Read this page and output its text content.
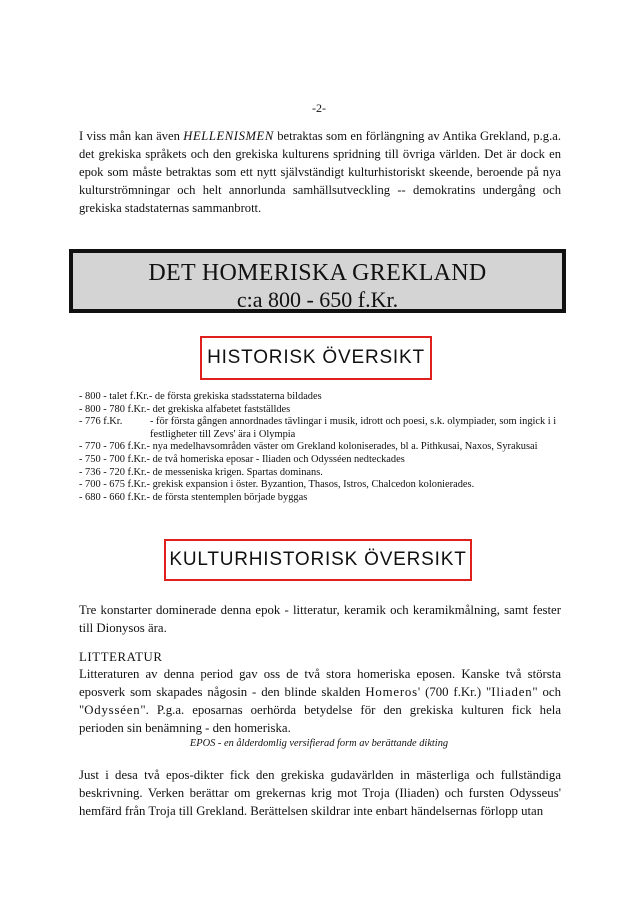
-2-
I viss mån kan även HELLENISMEN betraktas som en förlängning av Antika Grekland, p.g.a. det grekiska språkets och den grekiska kulturens spridning till övriga världen. Det är dock en epok som måste betraktas som ett nytt självständigt kulturhistoriskt skeende, beroende på nya kulturströmningar och helt annorlunda samhällsutveckling -- demokratins undergång och grekiska stadstaternas sammanbrott.
DET HOMERISKA GREKLAND
c:a 800 - 650 f.Kr.
HISTORISK ÖVERSIKT
- 800 - talet f.Kr. - de första grekiska stadsstaterna bildades
- 800 - 780 f.Kr. - det grekiska alfabetet fastställdes
- 776 f.Kr.	- för första gången annordnades tävlingar i musik, idrott och poesi, s.k. olympiader, som ingick i i festligheter till Zevs' ära i Olympia
- 770 - 706 f.Kr. - nya medelhavsområden väster om Grekland koloniserades, bl a. Pithkusai, Naxos, Syrakusai
- 750 - 700 f.Kr. - de två homeriska eposar - Iliaden och Odysséen nedteckades
- 736 - 720 f.Kr. - de messeniska krigen. Spartas dominans.
- 700 - 675 f.Kr. - grekisk expansion i öster. Byzantion, Thasos, Istros, Chalcedon kolonierades.
- 680 - 660 f.Kr. - de första stentemplen började byggas
KULTURHISTORISK ÖVERSIKT

Tre konstarter dominerade denna epok - litteratur, keramik och keramikmålning, samt fester till Dionysos ära.

LITTERATUR
Litteraturen av denna period gav oss de två stora homeriska eposen. Kanske två största eposverk som skapades någosin - den blinde skalden Homeros' (700 f.Kr.) "Iliaden" och "Odysséen". P.g.a. eposarnas oerhörda betydelse för den grekiska kulturen fick hela perioden sin benämning - den homeriska.
EPOS - en ålderdomlig versifierad form av berättande dikting
Just i desa två epos-dikter fick den grekiska gudavärlden in mästerliga och fullständiga beskrivning. Verken berättar om grekernas krig mot Troja (Iliaden) och fursten Odysseus' hemfärd från Troja till Grekland. Berättelsen skildrar inte enbart händelsernas förlopp utan
